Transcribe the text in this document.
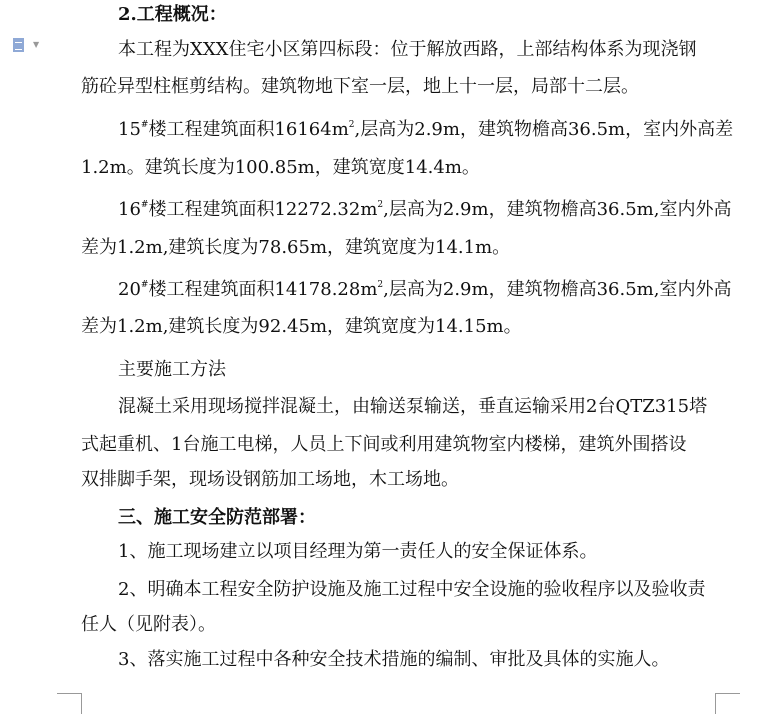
▼
2.工程概况：
本工程为XXX住宅小区第四标段：位于解放西路，上部结构体系为现浇钢
筋砼异型柱框剪结构。建筑物地下室一层，地上十一层，局部十二层。
15#楼工程建筑面积$16164m^2$,层高为2.9m，建筑物檐高36.5m，室内外高差
1.2m。建筑长度为100.85m，建筑宽度14.4m。
16#楼工程建筑面积$12272.32m^2$,层高为2.9m，建筑物檐高36.5m,室内外高
差为1.2m,建筑长度为78.65m，建筑宽度为14.1m。
20#楼工程建筑面积$14178.28m^2$,层高为2.9m，建筑物檐高36.5m,室内外高
差为1.2m,建筑长度为92.45m，建筑宽度为14.15m。
主要施工方法
混凝土采用现场搅拌混凝土，由输送泵输送，垂直运输采用2台QTZ315塔
式起重机、1台施工电梯，人员上下间或利用建筑物室内楼梯，建筑外围搭设
双排脚手架，现场设钢筋加工场地，木工场地。
三、施工安全防范部署：
1、施工现场建立以项目经理为第一责任人的安全保证体系。
2、明确本工程安全防护设施及施工过程中安全设施的验收程序以及验收责
任人（见附表）。
3、落实施工过程中各种安全技术措施的编制、审批及具体的实施人。
